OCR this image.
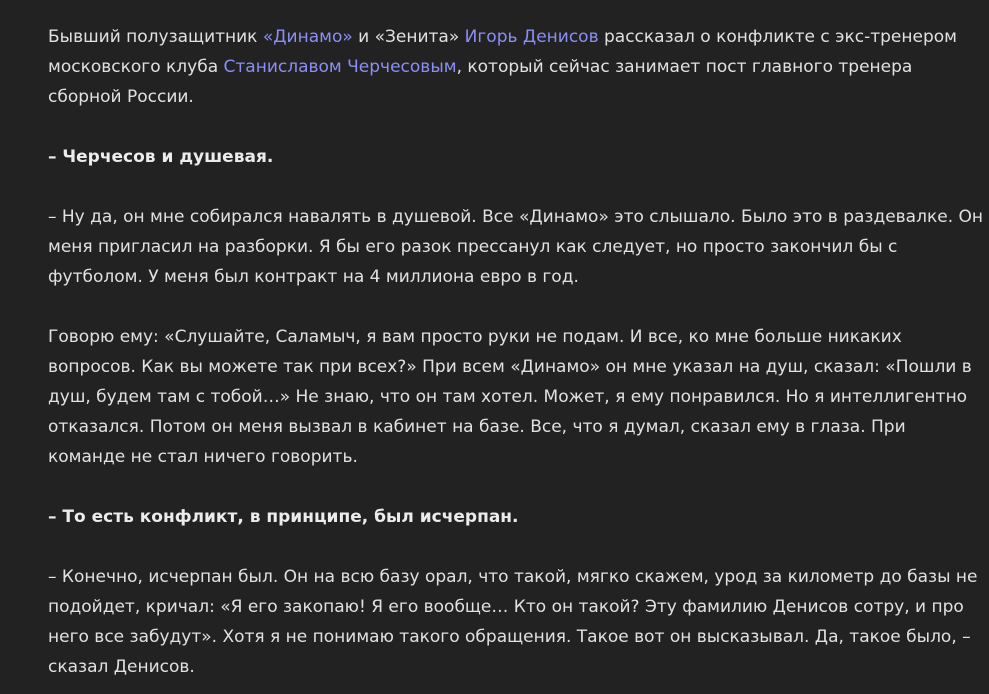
Бывший полузащитник «Динамо» и «Зенита» Игорь Денисов рассказал о конфликте с экс-тренером московского клуба Станиславом Черчесовым, который сейчас занимает пост главного тренера сборной России.

– Черчесов и душевая.

– Ну да, он мне собирался навалять в душевой. Все «Динамо» это слышало. Было это в раздевалке. Он меня пригласил на разборки. Я бы его разок прессанул как следует, но просто закончил бы с футболом. У меня был контракт на 4 миллиона евро в год.

Говорю ему: «Слушайте, Саламыч, я вам просто руки не подам. И все, ко мне больше никаких вопросов. Как вы можете так при всех?» При всем «Динамо» он мне указал на душ, сказал: «Пошли в душ, будем там с тобой…» Не знаю, что он там хотел. Может, я ему понравился. Но я интеллигентно отказался. Потом он меня вызвал в кабинет на базе. Все, что я думал, сказал ему в глаза. При команде не стал ничего говорить.

– То есть конфликт, в принципе, был исчерпан.

– Конечно, исчерпан был. Он на всю базу орал, что такой, мягко скажем, урод за километр до базы не подойдет, кричал: «Я его закопаю! Я его вообще… Кто он такой? Эту фамилию Денисов сотру, и про него все забудут». Хотя я не понимаю такого обращения. Такое вот он высказывал. Да, такое было, – сказал Денисов.
